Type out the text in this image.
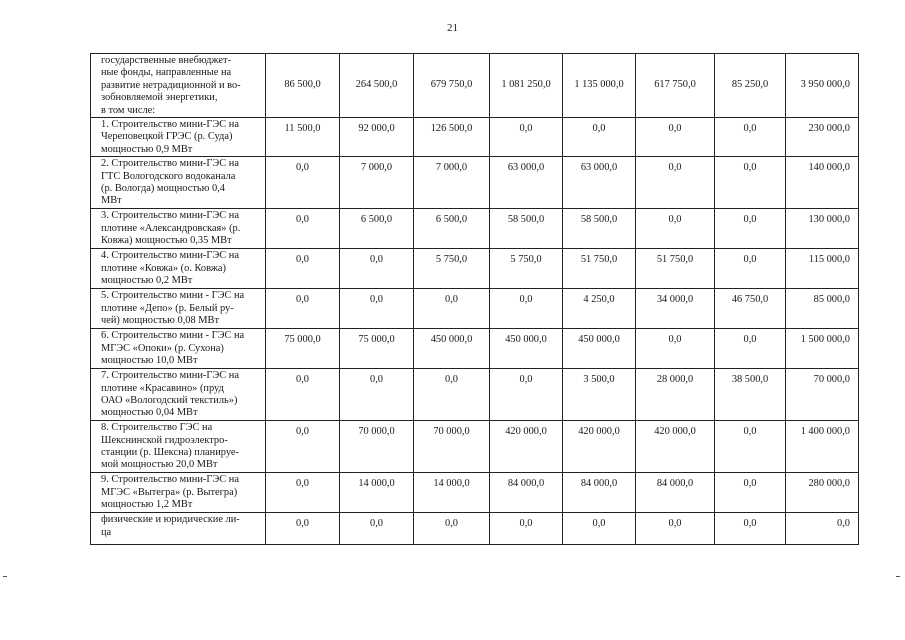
21
государственные внебюджет-
ные фонды, направленные на
развитие нетрадиционной и во-
зобновляемой энергетики,
в том числе:	86 500,0	264 500,0	679 750,0	1 081 250,0	1 135 000,0	617 750,0	85 250,0	3 950 000,0

1. Строительство мини-ГЭС на
Череповецкой ГРЭС (р. Суда)
мощностью 0,9 МВт	11 500,0	92 000,0	126 500,0	0,0	0,0	0,0	0,0	230 000,0

2. Строительство мини-ГЭС на
ГТС Вологодского водоканала
(р. Вологда) мощностью 0,4
МВт	0,0	7 000,0	7 000,0	63 000,0	63 000,0	0,0	0,0	140 000,0

3. Строительство мини-ГЭС на
плотине «Александровская» (р.
Ковжа) мощностью 0,35 МВт	0,0	6 500,0	6 500,0	58 500,0	58 500,0	0,0	0,0	130 000,0

4. Строительство мини-ГЭС на
плотине «Ковжа» (о. Ковжа)
мощностью 0,2 МВт	0,0	0,0	5 750,0	5 750,0	51 750,0	51 750,0	0,0	115 000,0

5. Строительство мини - ГЭС на
плотине «Депо» (р. Белый ру-
чей) мощностью 0,08 МВт	0,0	0,0	0,0	0,0	4 250,0	34 000,0	46 750,0	85 000,0

6. Строительство мини - ГЭС на
МГЭС «Опоки» (р. Сухона)
мощностью 10,0 МВт	75 000,0	75 000,0	450 000,0	450 000,0	450 000,0	0,0	0,0	1 500 000,0

7. Строительство мини-ГЭС на
плотине «Красавино» (пруд
ОАО «Вологодский текстиль»)
мощностью 0,04 МВт	0,0	0,0	0,0	0,0	3 500,0	28 000,0	38 500,0	70 000,0

8. Строительство ГЭС на
Шекснинской гидроэлектро-
станции (р. Шексна) планируе-
мой мощностью 20,0 МВт	0,0	70 000,0	70 000,0	420 000,0	420 000,0	420 000,0	0,0	1 400 000,0

9. Строительство мини-ГЭС на
МГЭС «Вытегра» (р. Вытегра)
мощностью 1,2 МВт	0,0	14 000,0	14 000,0	84 000,0	84 000,0	84 000,0	0,0	280 000,0

физические и юридические ли-
ца	0,0	0,0	0,0	0,0	0,0	0,0	0,0	0,0
